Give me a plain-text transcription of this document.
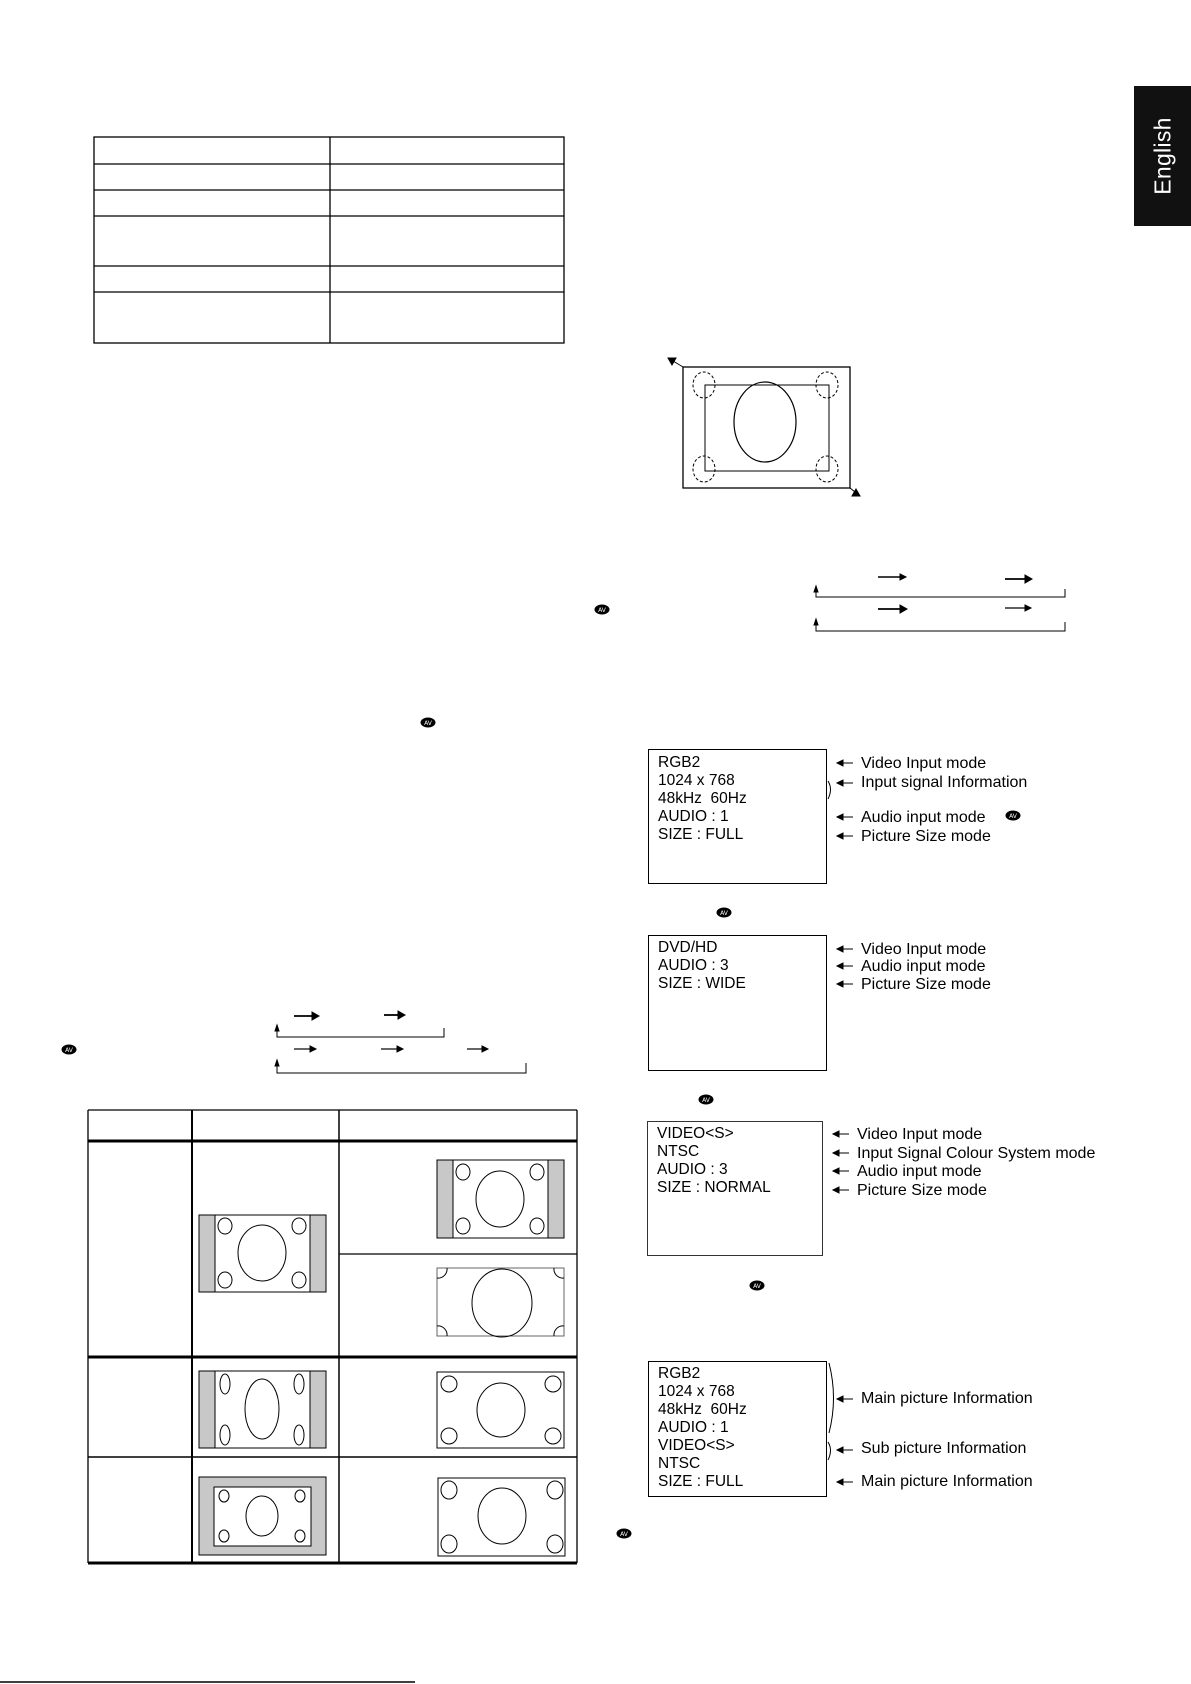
English
AV
AV
AV
AV
AV
AV
AV
AV
RGB2
1024 x 768
48kHz  60Hz
AUDIO : 1
SIZE : FULL
Video Input mode
Input signal Information
Audio input mode
Picture Size mode
DVD/HD
AUDIO : 3
SIZE : WIDE
Video Input mode
Audio input mode
Picture Size mode
VIDEO<S>
NTSC
AUDIO : 3
SIZE : NORMAL
Video Input mode
Input Signal Colour System mode
Audio input mode
Picture Size mode
RGB2
1024 x 768
48kHz  60Hz
AUDIO : 1
VIDEO<S>
NTSC
SIZE : FULL
Main picture Information
Sub picture Information
Main picture Information
